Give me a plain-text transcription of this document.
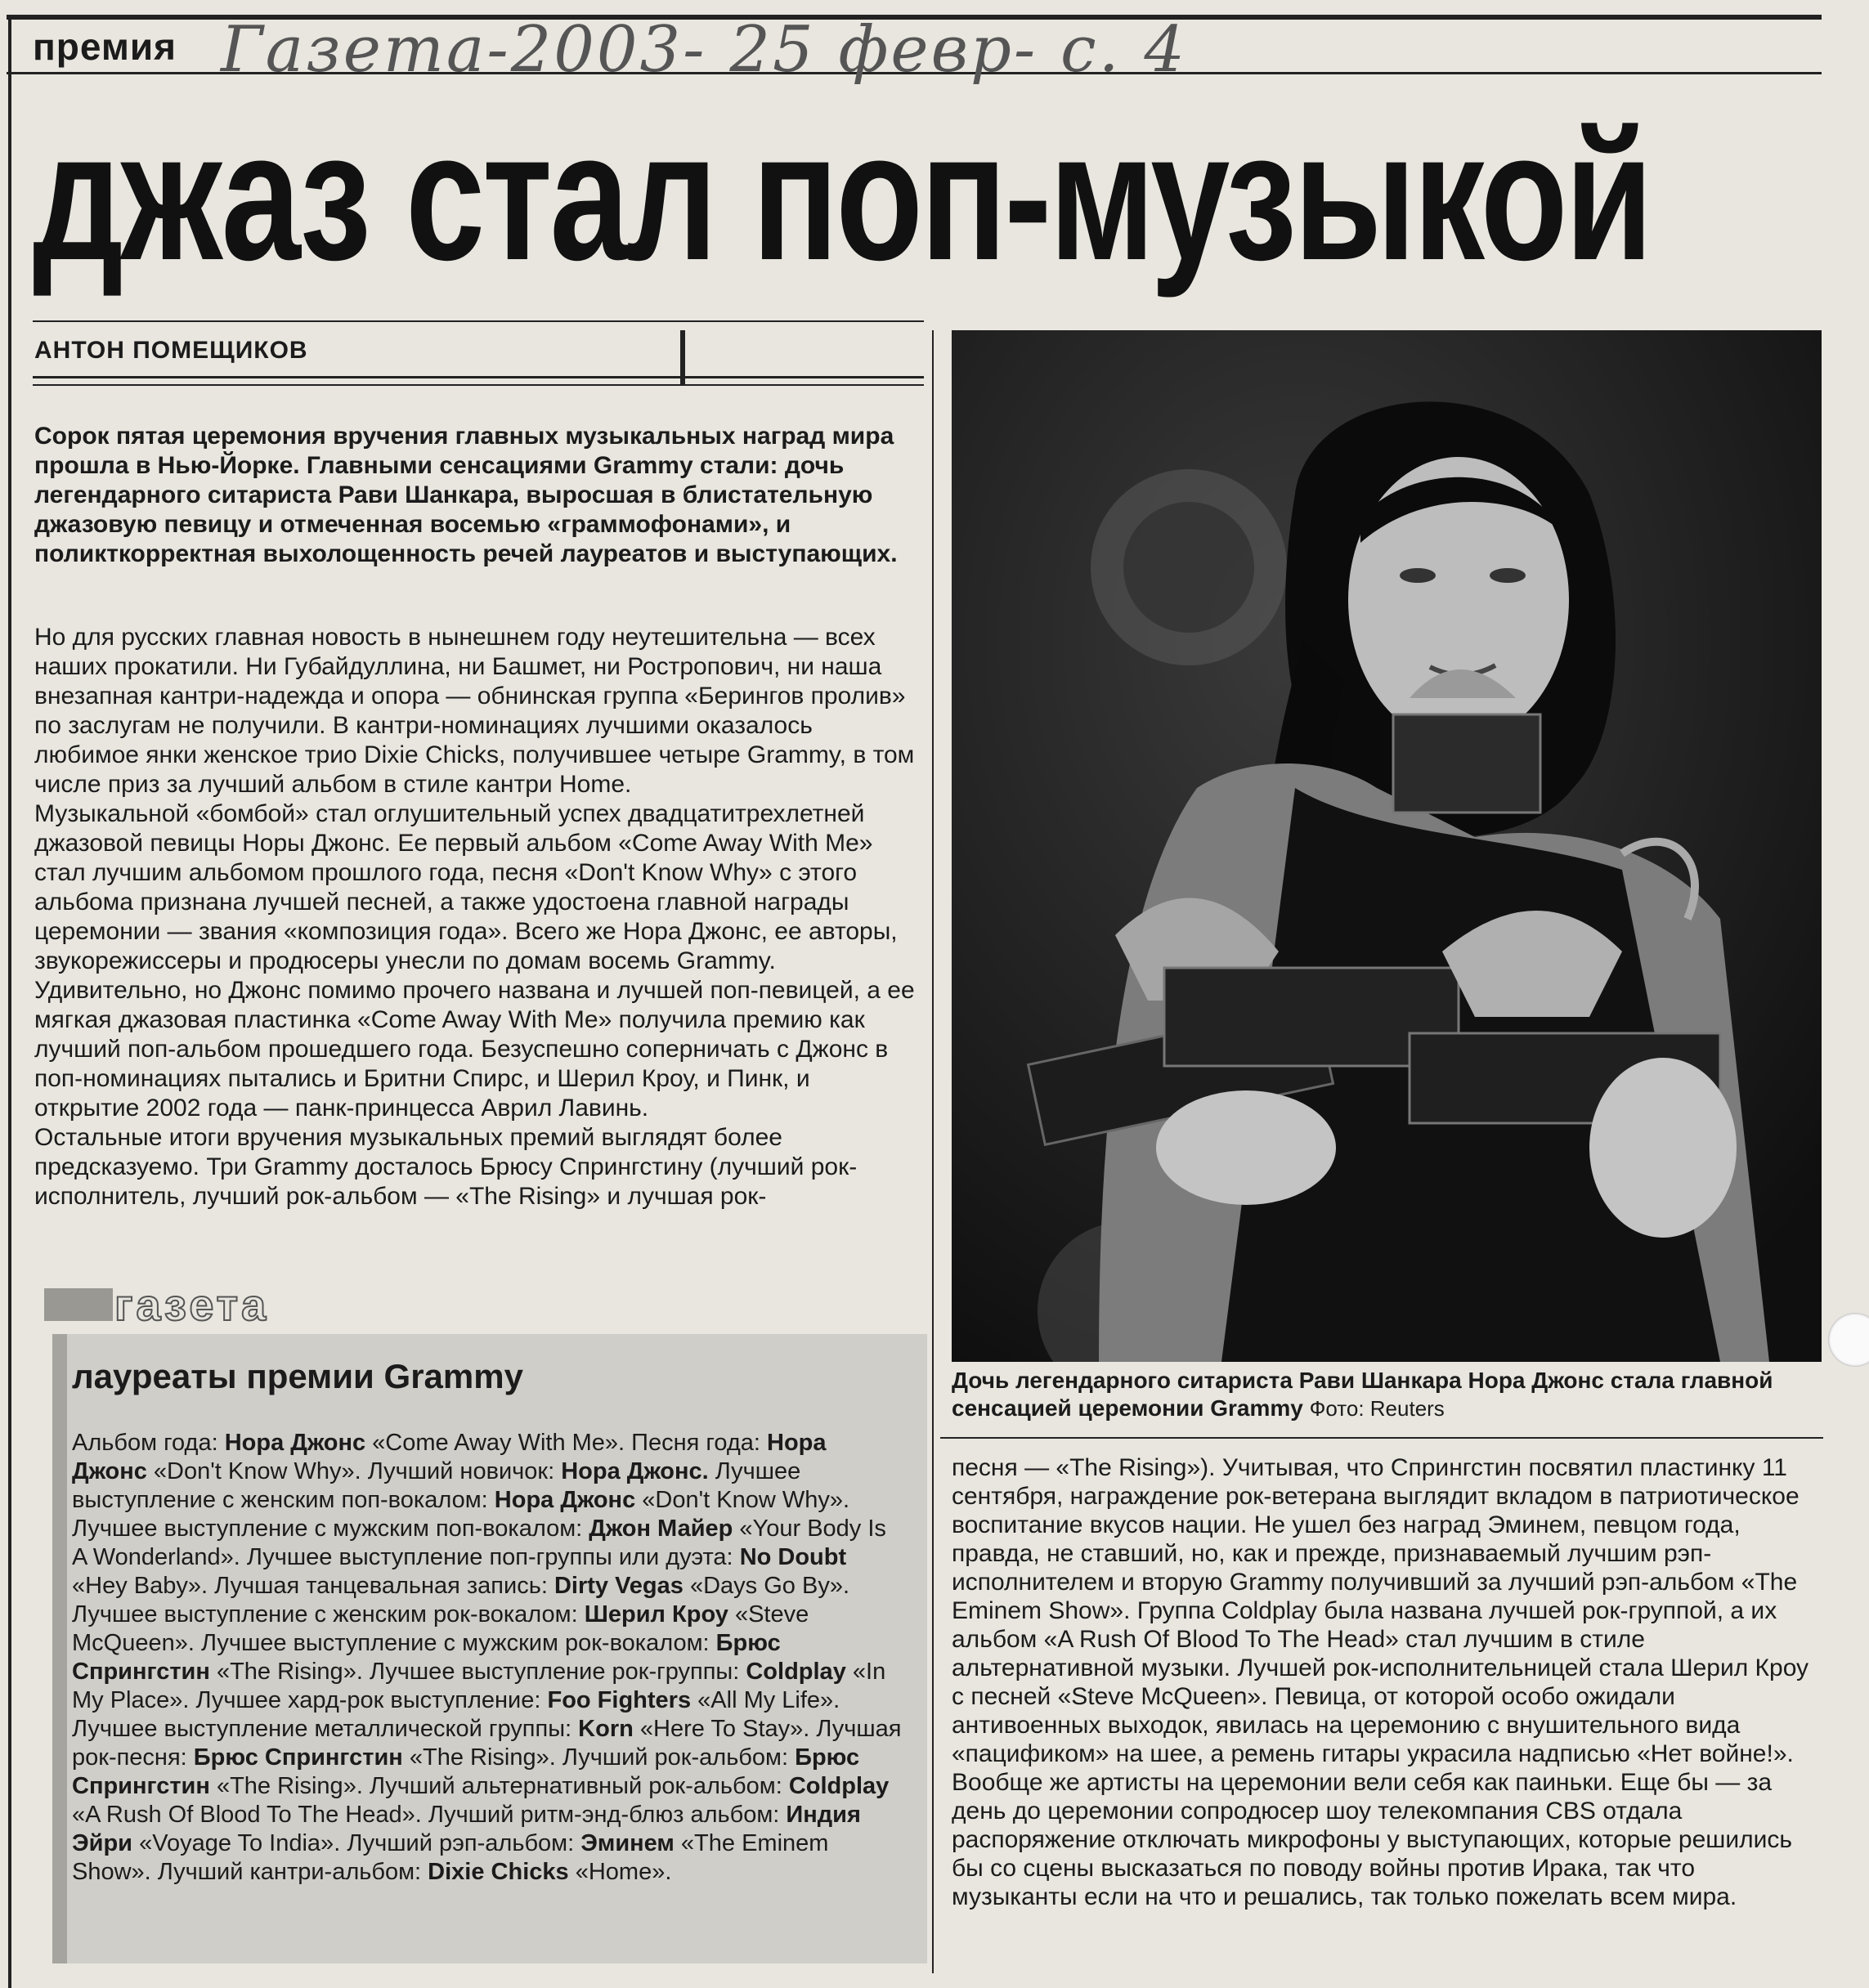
премия Газета-2003- 25 февр- с. 4
джаз стал поп-музыкой
АНТОН ПОМЕЩИКОВ
Сорок пятая церемония вручения главных музыкальных наград мира прошла в Нью-Йорке. Главными сенсациями Grammy стали: дочь легендарного ситариста Рави Шанкара, выросшая в блистательную джазовую певицу и отмеченная восемью «граммофонами», и поликткорректная выхолощенность речей лауреатов и выступающих.

Но для русских главная новость в нынешнем году неутешительна — всех наших прокатили. Ни Губайдуллина, ни Башмет, ни Ростропович, ни наша внезапная кантри-надежда и опора — обнинская группа «Берингов пролив» по заслугам не получили. В кантри-номинациях лучшими оказалось любимое янки женское трио Dixie Chicks, получившее четыре Grammy, в том числе приз за лучший альбом в стиле кантри Home.

Музыкальной «бомбой» стал оглушительный успех двадцатитрехлетней джазовой певицы Норы Джонс. Ее первый альбом «Come Away With Me» стал лучшим альбомом прошлого года, песня «Don't Know Why» с этого альбома признана лучшей песней, а также удостоена главной награды церемонии — звания «композиция года». Всего же Нора Джонс, ее авторы, звукорежиссеры и продюсеры унесли по домам восемь Grammy. Удивительно, но Джонс помимо прочего названа и лучшей поп-певицей, а ее мягкая джазовая пластинка «Come Away With Me» получила премию как лучший поп-альбом прошедшего года. Безуспешно соперничать с Джонс в поп-номинациях пытались и Бритни Спирс, и Шерил Кроу, и Пинк, и открытие 2002 года — панк-принцесса Аврил Лавинь.

Остальные итоги вручения музыкальных премий выглядят более предсказуемо. Три Grammy досталось Брюсу Спрингстину (лучший рок-исполнитель, лучший рок-альбом — «The Rising» и лучшая рок-

Дочь легендарного ситариста Рави Шанкара Нора Джонс стала главной сенсацией церемонии Grammy Фото: Reuters
песня — «The Rising»). Учитывая, что Спрингстин посвятил пластинку 11 сентября, награждение рок-ветерана выглядит вкладом в патриотическое воспитание вкусов нации. Не ушел без наград Эминем, певцом года, правда, не ставший, но, как и прежде, признаваемый лучшим рэп-исполнителем и вторую Grammy получивший за лучший рэп-альбом «The Eminem Show». Группа Coldplay была названа лучшей рок-группой, а их альбом «A Rush Of Blood To The Head» стал лучшим в стиле альтернативной музыки. Лучшей рок-исполнительницей стала Шерил Кроу с песней «Steve McQueen». Певица, от которой особо ожидали антивоенных выходок, явилась на церемонию с внушительного вида «пацификом» на шее, а ремень гитары украсила надписью «Нет войне!». Вообще же артисты на церемонии вели себя как паиньки. Еще бы — за день до церемонии сопродюсер шоу телекомпания CBS отдала распоряжение отключать микрофоны у выступающих, которые решились бы со сцены высказаться по поводу войны против Ирака, так что музыканты если на что и решались, так только пожелать всем мира.
газета
лауреаты премии Grammy
Альбом года: Нора Джонс «Come Away With Me». Песня года: Нора Джонс «Don't Know Why». Лучший новичок: Нора Джонс. Лучшее выступление с женским поп-вокалом: Нора Джонс «Don't Know Why». Лучшее выступление с мужским поп-вокалом: Джон Майер «Your Body Is A Wonderland». Лучшее выступление поп-группы или дуэта: No Doubt «Hey Baby». Лучшая танцевальная запись: Dirty Vegas «Days Go By». Лучшее выступление с женским рок-вокалом: Шерил Кроу «Steve McQueen». Лучшее выступление с мужским рок-вокалом: Брюс Спрингстин «The Rising». Лучшее выступление рок-группы: Coldplay «In My Place». Лучшее хард-рок выступление: Foo Fighters «All My Life». Лучшее выступление металлической группы: Korn «Here To Stay». Лучшая рок-песня: Брюс Спрингстин «The Rising». Лучший рок-альбом: Брюс Спрингстин «The Rising». Лучший альтернативный рок-альбом: Coldplay «A Rush Of Blood To The Head». Лучший ритм-энд-блюз альбом: Индия Эйри «Voyage To India». Лучший рэп-альбом: Эминем «The Eminem Show». Лучший кантри-альбом: Dixie Chicks «Home».
